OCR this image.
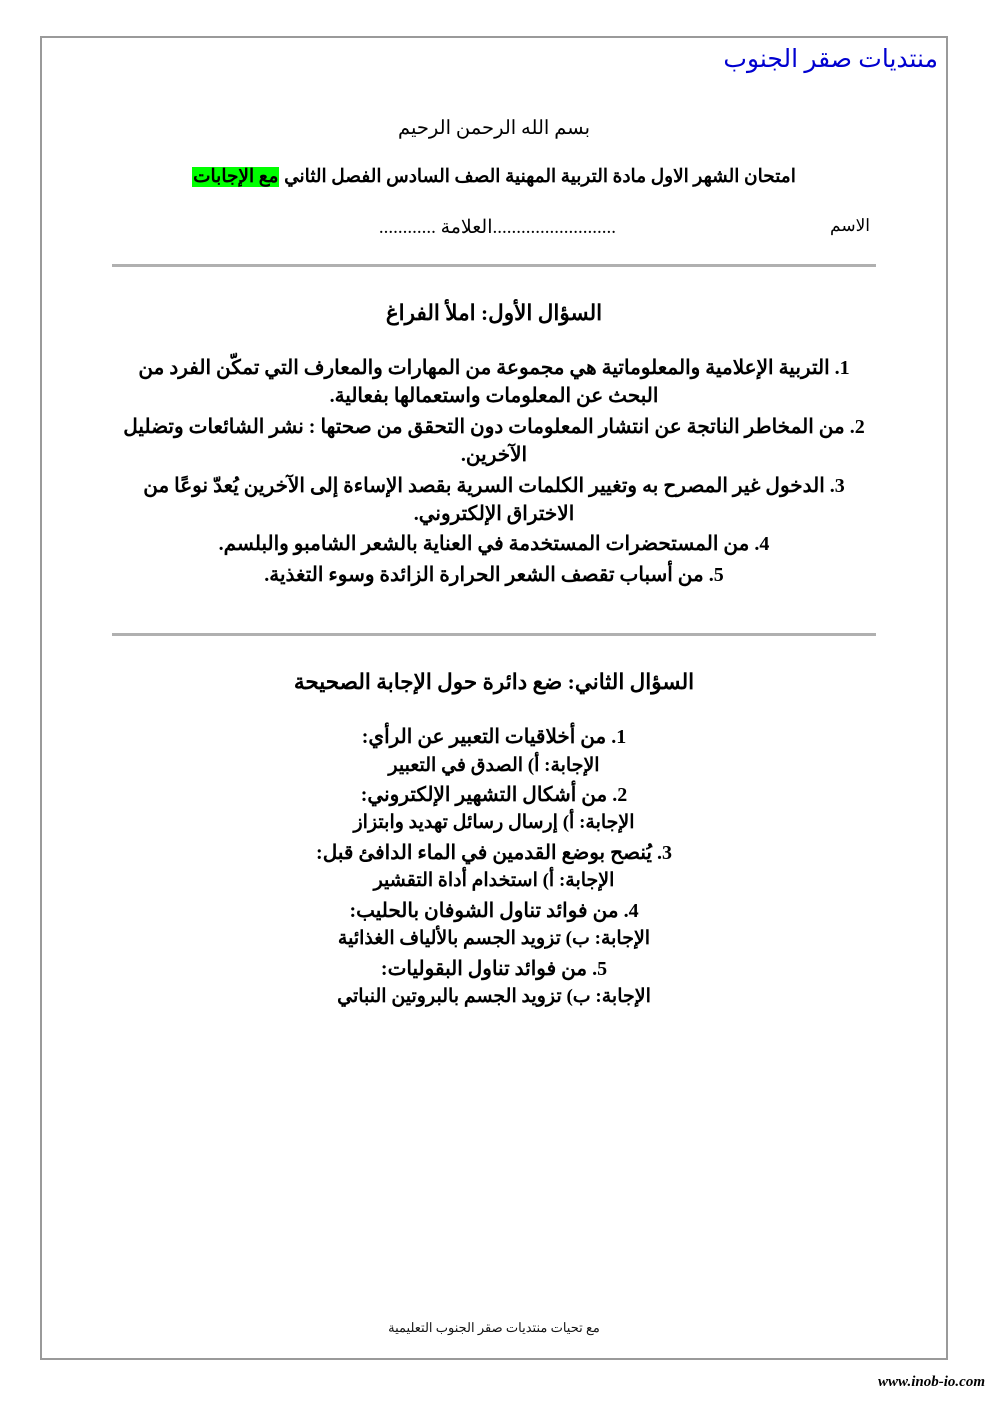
منتديات صقر الجنوب

بسم الله الرحمن الرحيم

امتحان الشهر الاول مادة التربية المهنية الصف السادس الفصل الثاني مع الإجابات

الاسم
..........................العلامة ............
السؤال الأول: املأ الفراغ
1. التربية الإعلامية والمعلوماتية هي مجموعة من المهارات والمعارف التي تمكّن الفرد من البحث عن المعلومات واستعمالها بفعالية.
2. من المخاطر الناتجة عن انتشار المعلومات دون التحقق من صحتها : نشر الشائعات وتضليل الآخرين.
3. الدخول غير المصرح به وتغيير الكلمات السرية بقصد الإساءة إلى الآخرين يُعدّ نوعًا من الاختراق الإلكتروني.
4. من المستحضرات المستخدمة في العناية بالشعر الشامبو والبلسم.
5. من أسباب تقصف الشعر الحرارة الزائدة وسوء التغذية.
السؤال الثاني: ضع دائرة حول الإجابة الصحيحة
1. من أخلاقيات التعبير عن الرأي:
الإجابة: أ) الصدق في التعبير
2. من أشكال التشهير الإلكتروني:
الإجابة: أ) إرسال رسائل تهديد وابتزاز
3. يُنصح بوضع القدمين في الماء الدافئ قبل:
الإجابة: أ) استخدام أداة التقشير
4. من فوائد تناول الشوفان بالحليب:
الإجابة: ب) تزويد الجسم بالألياف الغذائية
5. من فوائد تناول البقوليات:
الإجابة: ب) تزويد الجسم بالبروتين النباتي
مع تحيات منتديات صقر الجنوب التعليمية
www.inob-io.com
